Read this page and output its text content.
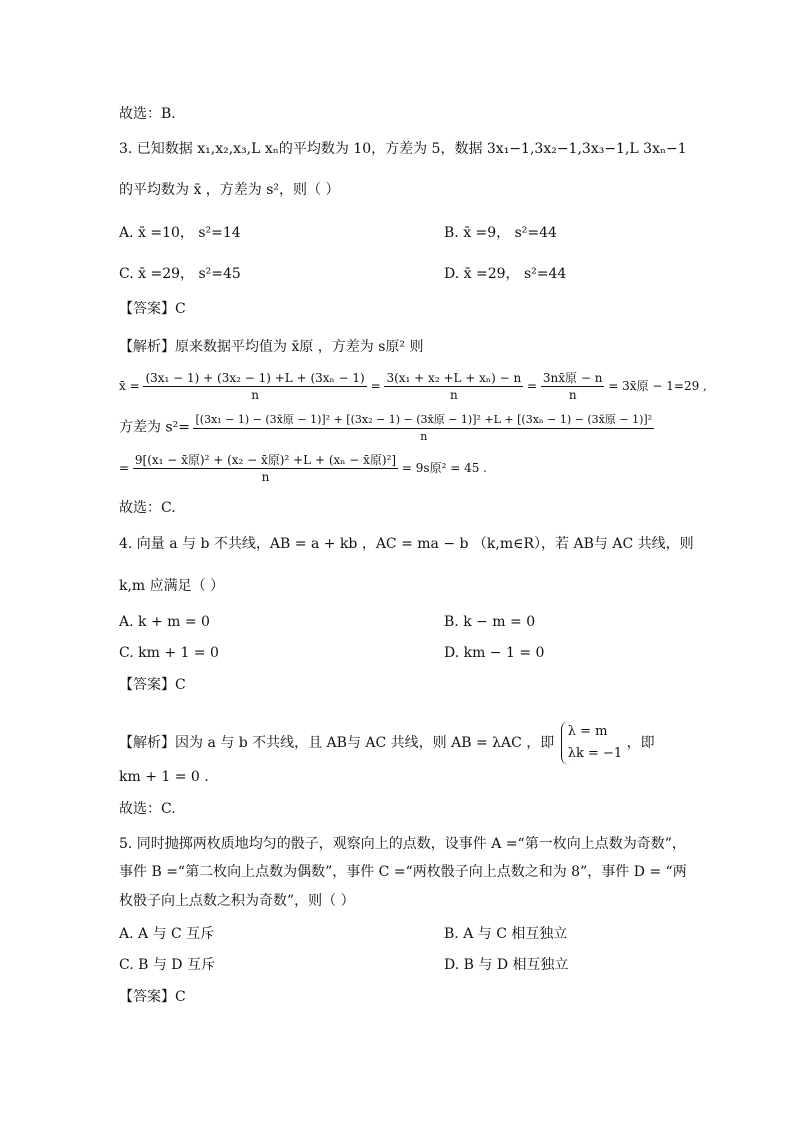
故选：B.
3. 已知数据 x₁,x₂,x₃,L xₙ的平均数为 10，方差为 5，数据 3x₁−1,3x₂−1,3x₃−1,L 3xₙ−1
的平均数为 x̄ ，方差为 s²，则（ ）
A. x̄ =10， s²=14	B. x̄ =9， s²=44
C. x̄ =29， s²=45	D. x̄ =29， s²=44
【答案】C
【解析】原来数据平均值为 x̄原 ，方差为 s原² 则
x̄ = $\frac{\text{(3x₁ − 1) + (3x₂ − 1) +L + (3xₙ − 1)}}{n} = \frac{\text{3(x₁ + x₂ +L + xₙ) − n}}{n} = \frac{\text{3nx̄原 − n}}{n}$ = 3x̄原 − 1=29 ,
方差为 s²= [(3x₁ − 1) − (3x̄原 − 1)]² + [(3x₂ − 1) − (3x̄原 − 1)]² +L + [(3xₙ − 1) − (3x̄原 − 1)]²
n
= $\frac{\text{9[(x₁ − x̄原)² + (x₂ − x̄原)² +L + (xₙ − x̄原)²]}}{n} = 9s$原² = 45 .
故选：C.
4. 向量 a 与 b 不共线，AB = a + kb ，AC = ma − b （k,m∈R），若 AB与 AC 共线，则
k,m 应满足（ ）
A. k + m = 0	B. k − m = 0
C. km + 1 = 0	D. km − 1 = 0
【答案】C
【解析】因为 a 与 b 不共线，且 AB与 AC 共线，则 AB = λAC ，即
λ = m
λk = −1
，即
km + 1 = 0 .
故选：C.
5. 同时抛掷两枚质地均匀的骰子，观察向上的点数，设事件 A =“第一枚向上点数为奇数”，
事件 B =“第二枚向上点数为偶数”，事件 C =“两枚骰子向上点数之和为 8”，事件 D = “两
枚骰子向上点数之积为奇数”，则（ ）
A. A 与 C 互斥	B. A 与 C 相互独立
C. B 与 D 互斥	D. B 与 D 相互独立
【答案】C
